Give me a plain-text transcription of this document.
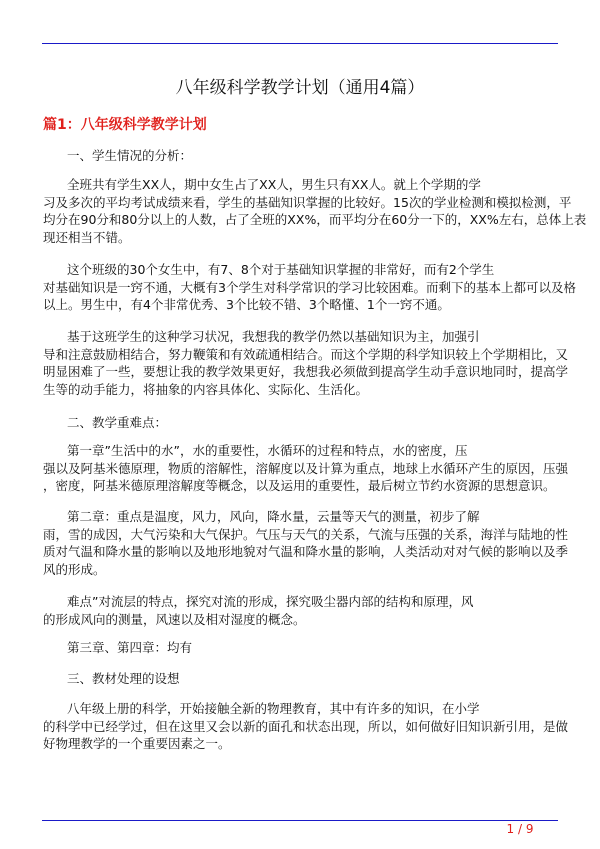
八年级科学教学计划（通用4篇）
篇1：八年级科学教学计划
一、学生情况的分析：
全班共有学生XX人，期中女生占了XX人，男生只有XX人。就上个学期的学
习及多次的平均考试成绩来看，学生的基础知识掌握的比较好。15次的学业检测和模拟检测，平
均分在90分和80分以上的人数，占了全班的XX%，而平均分在60分一下的，XX%左右，总体上表
现还相当不错。
这个班级的30个女生中，有7、8个对于基础知识掌握的非常好，而有2个学生
对基础知识是一窍不通，大概有3个学生对科学常识的学习比较困难。而剩下的基本上都可以及格
以上。男生中，有4个非常优秀、3个比较不错、3个略懂、1个一窍不通。
基于这班学生的这种学习状况，我想我的教学仍然以基础知识为主，加强引
导和注意鼓励相结合，努力鞭策和有效疏通相结合。而这个学期的科学知识较上个学期相比，又
明显困难了一些，要想让我的教学效果更好，我想我必须做到提高学生动手意识地同时，提高学
生等的动手能力，将抽象的内容具体化、实际化、生活化。
二、教学重难点：
第一章”生活中的水”，水的重要性，水循环的过程和特点，水的密度，压
强以及阿基米德原理，物质的溶解性，溶解度以及计算为重点，地球上水循环产生的原因，压强
，密度，阿基米德原理溶解度等概念，以及运用的重要性，最后树立节约水资源的思想意识。
第二章：重点是温度，风力，风向，降水量，云量等天气的测量，初步了解
雨，雪的成因，大气污染和大气保护。气压与天气的关系，气流与压强的关系，海洋与陆地的性
质对气温和降水量的影响以及地形地貌对气温和降水量的影响，人类活动对对气候的影响以及季
风的形成。
难点”对流层的特点，探究对流的形成，探究吸尘器内部的结构和原理，风
的形成风向的测量，风速以及相对湿度的概念。
第三章、第四章：均有
三、教材处理的设想
八年级上册的科学，开始接触全新的物理教育，其中有许多的知识，在小学
的科学中已经学过，但在这里又会以新的面孔和状态出现，所以，如何做好旧知识新引用，是做
好物理教学的一个重要因素之一。
1 / 9
